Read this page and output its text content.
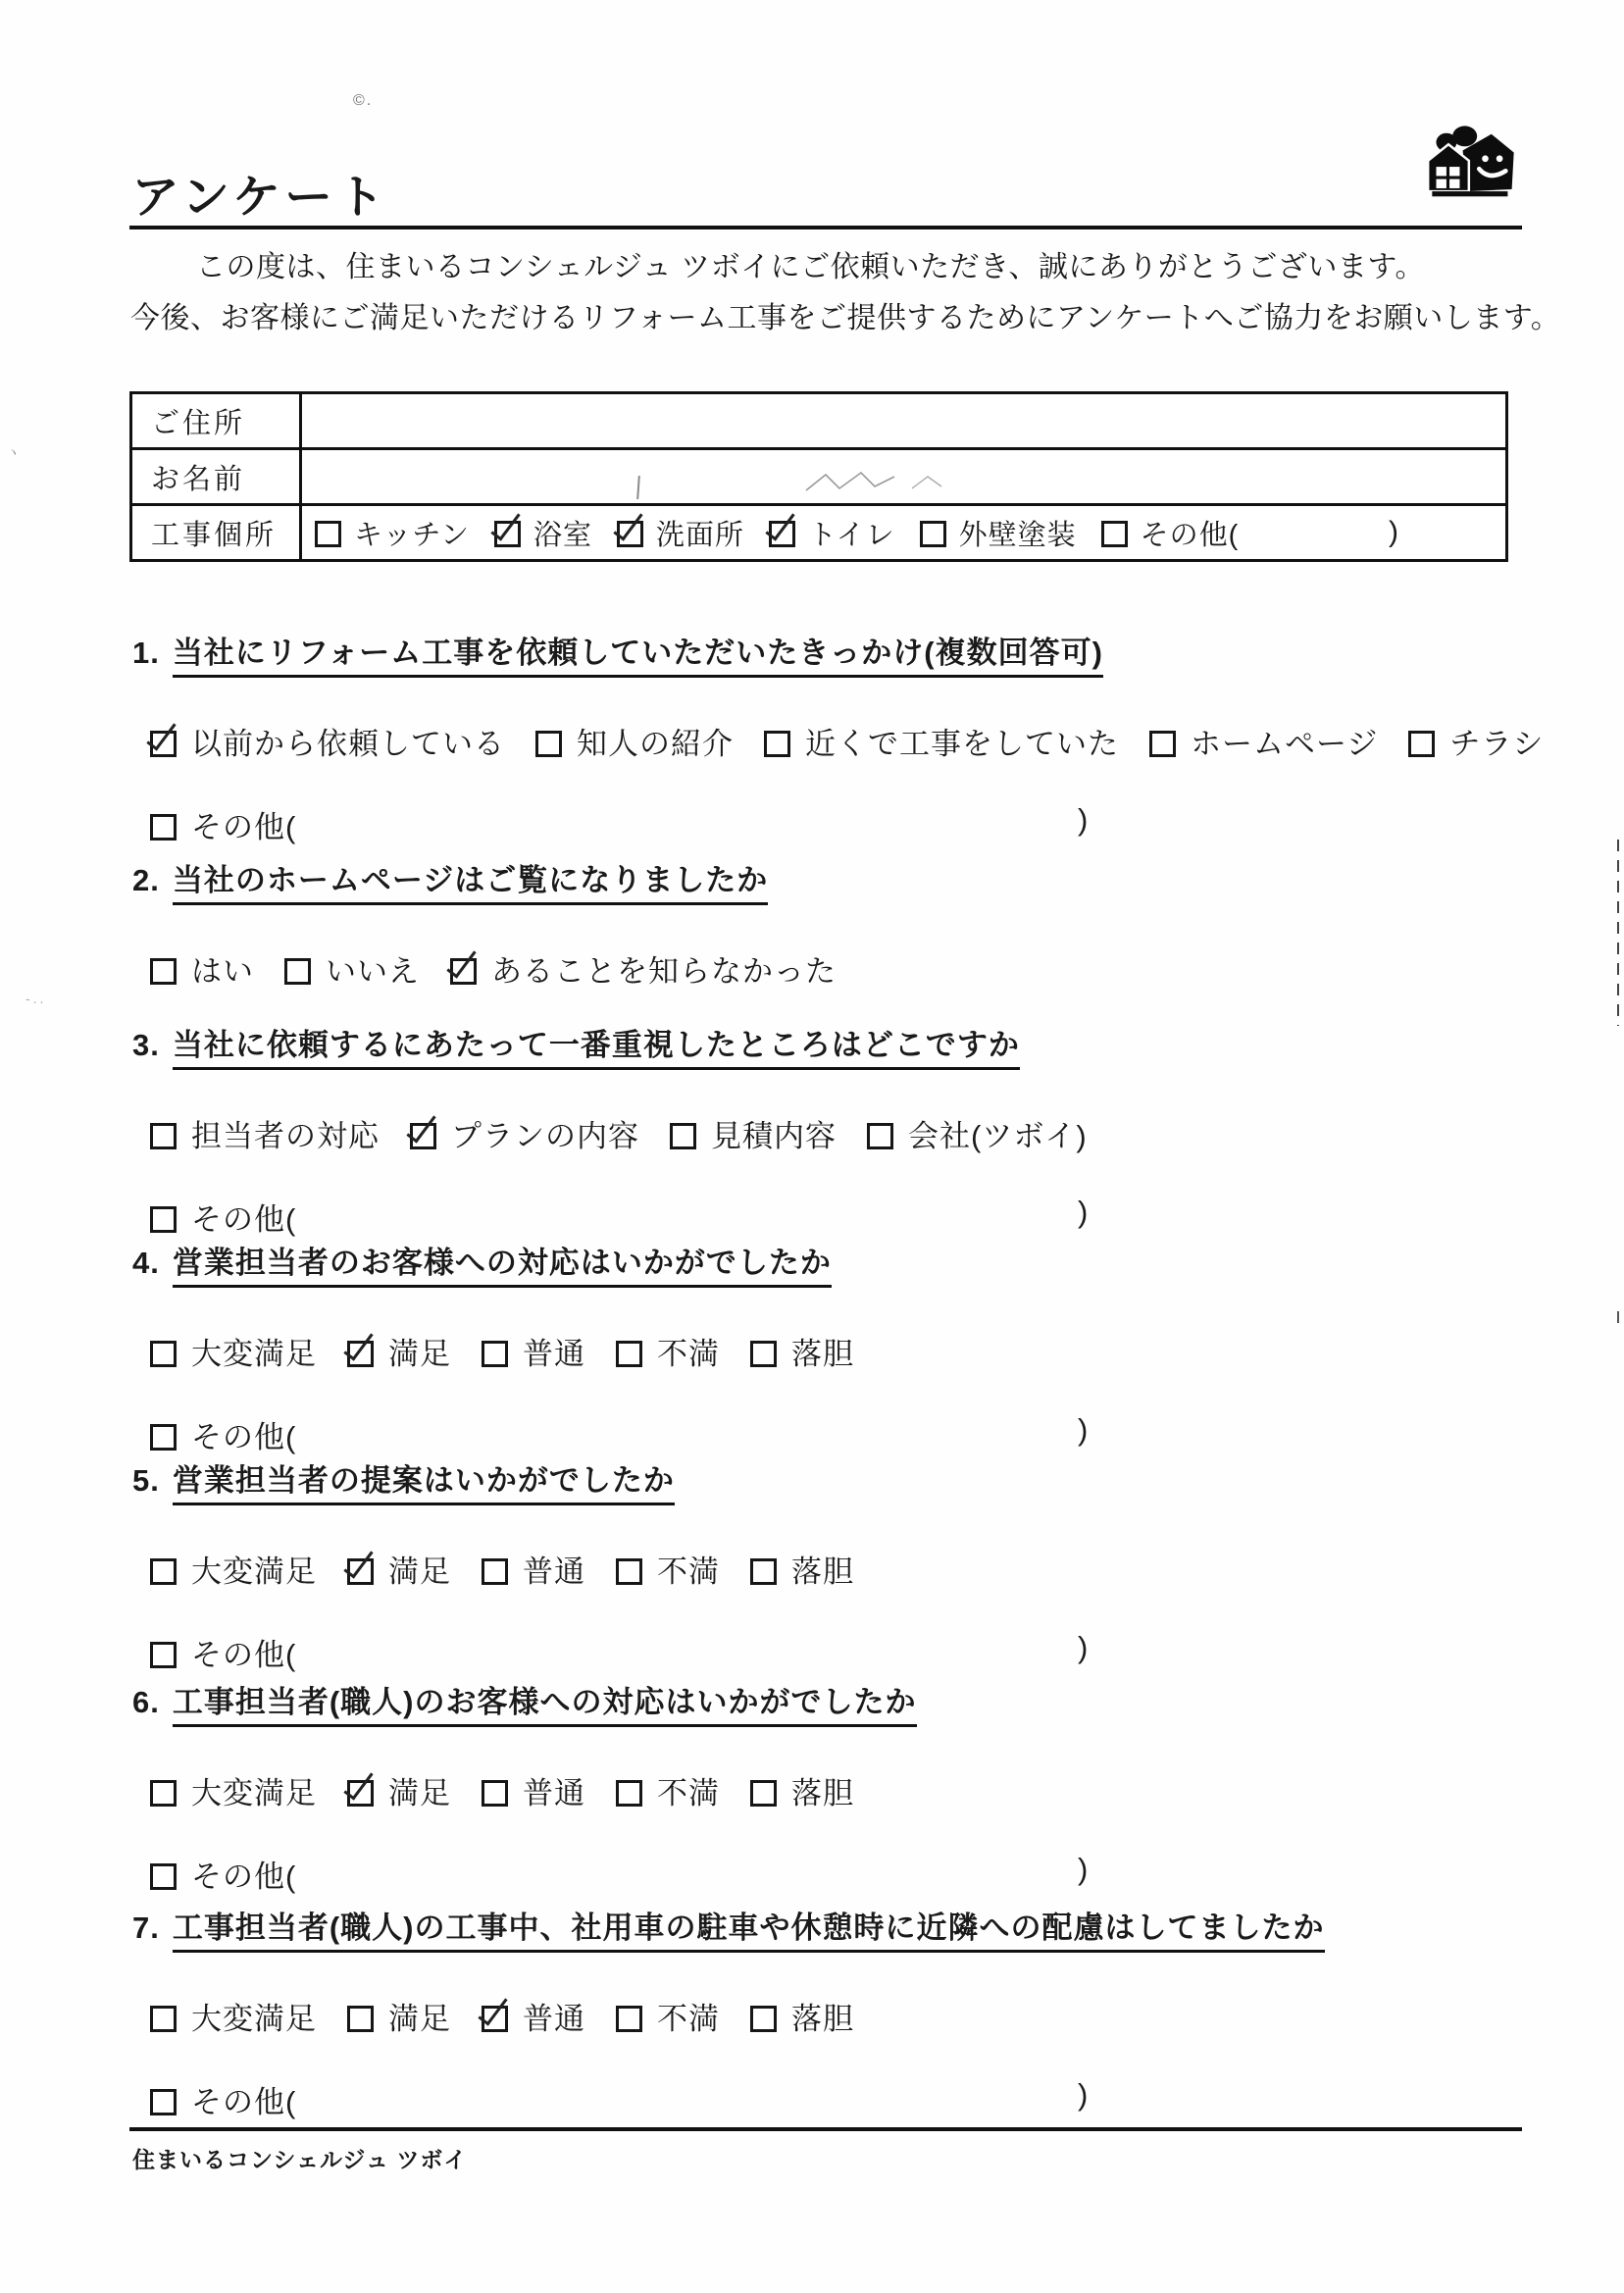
©.
アンケート

この度は、住まいるコンシェルジュ ツボイにご依頼いただき、誠にありがとうございます。

今後、お客様にご満足いただけるリフォーム工事をご提供するためにアンケートへご協力をお願いします。

ご住所	
お名前	
工事個所	キッチン 浴室 洗面所 トイレ 外壁塗装 その他( )
1. 当社にリフォーム工事を依頼していただいたきっかけ(複数回答可)
以前から依頼している 知人の紹介 近くで工事をしていた ホームページ チラシ
その他(	)
2. 当社のホームページはご覧になりましたか
はい いいえ あることを知らなかった
3. 当社に依頼するにあたって一番重視したところはどこですか
担当者の対応 プランの内容 見積内容 会社(ツボイ)
その他(	)
4. 営業担当者のお客様への対応はいかがでしたか
大変満足 満足 普通 不満 落胆
その他(	)
5. 営業担当者の提案はいかがでしたか
大変満足 満足 普通 不満 落胆
その他(	)
6. 工事担当者(職人)のお客様への対応はいかがでしたか
大変満足 満足 普通 不満 落胆
その他(	)
7. 工事担当者(職人)の工事中、社用車の駐車や休憩時に近隣への配慮はしてましたか
大変満足 満足 普通 不満 落胆
その他(	)
住まいるコンシェルジュ ツボイ
ヽ
-..
